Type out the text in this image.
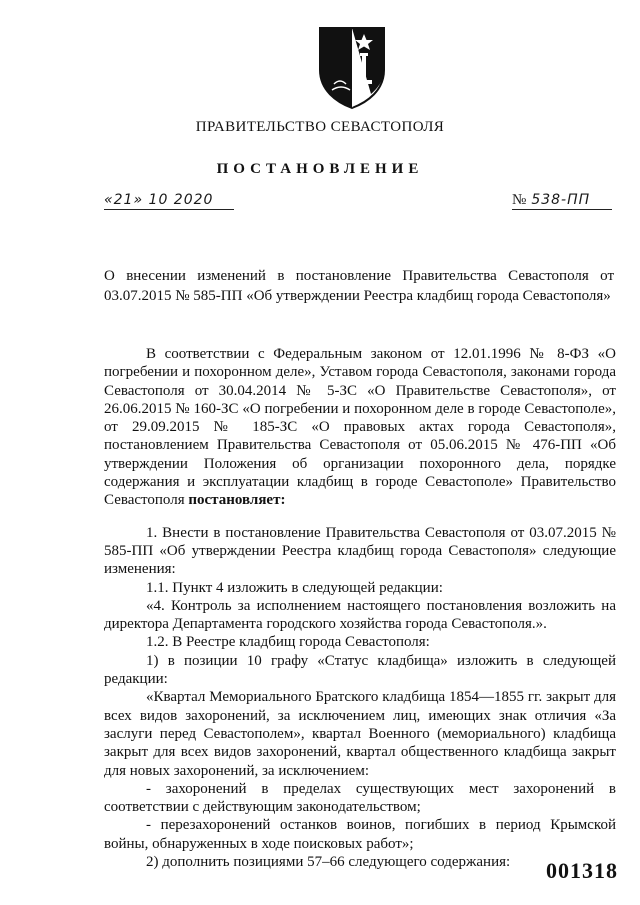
ПРАВИТЕЛЬСТВО СЕВАСТОПОЛЯ

ПОСТАНОВЛЕНИЕ

«21» 10 2020	№ 538-ПП

О внесении изменений в постановление Правительства Севастополя от 03.07.2015 № 585-ПП «Об утверждении Реестра кладбищ города Севастополя»

В соответствии с Федеральным законом от 12.01.1996 № 8-ФЗ «О погребении и похоронном деле», Уставом города Севастополя, законами города Севастополя от 30.04.2014 № 5-ЗС «О Правительстве Севастополя», от 26.06.2015 № 160-ЗС «О погребении и похоронном деле в городе Севастополе», от 29.09.2015 № 185-ЗС «О правовых актах города Севастополя», постановлением Правительства Севастополя от 05.06.2015 № 476-ПП «Об утверждении Положения об организации похоронного дела, порядке содержания и эксплуатации кладбищ в городе Севастополе» Правительство Севастополя постановляет:

1. Внести в постановление Правительства Севастополя от 03.07.2015 № 585-ПП «Об утверждении Реестра кладбищ города Севастополя» следующие изменения:

1.1. Пункт 4 изложить в следующей редакции:

«4. Контроль за исполнением настоящего постановления возложить на директора Департамента городского хозяйства города Севастополя.».

1.2. В Реестре кладбищ города Севастополя:

1) в позиции 10 графу «Статус кладбища» изложить в следующей редакции:

«Квартал Мемориального Братского кладбища 1854—1855 гг. закрыт для всех видов захоронений, за исключением лиц, имеющих знак отличия «За заслуги перед Севастополем», квартал Военного (мемориального) кладбища закрыт для всех видов захоронений, квартал общественного кладбища закрыт для новых захоронений, за исключением:

- захоронений в пределах существующих мест захоронений в соответствии с действующим законодательством;

- перезахоронений останков воинов, погибших в период Крымской войны, обнаруженных в ходе поисковых работ»;

2) дополнить позициями 57–66 следующего содержания:	001318
